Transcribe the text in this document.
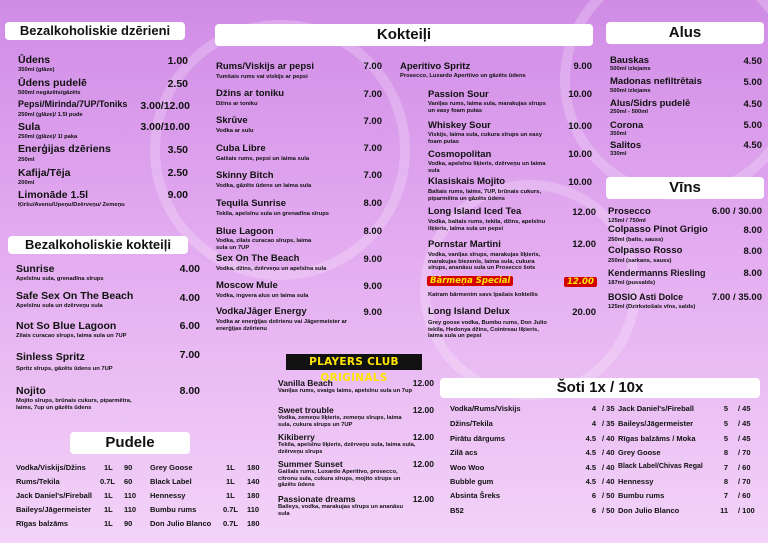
Bezalkoholiskie dzērieni
Bezalkoholiskie kokteiļi
Pudele
Kokteiļi	Alus
Vīns
Šoti 1x / 10x
PLAYERS CLUB ORIGINALS
Ūdens
350ml (glāze)
1.00
Ūdens pudelē
500ml negāzēts/gāzēts
2.50
Pepsi/Mirinda/7UP/Toniks
250ml (glāze)/ 1.5l pude
3.00/12.00
Sula
250ml (glāze)/ 1l paka
3.00/10.00
Enerģijas dzēriens
250ml
3.50
Kafija/Tēja
200ml
2.50
Limonāde 1.5l
Ķiršu/Avenu/Upeņu/Dzērveņu/ Zemeņu
9.00
Sunrise
Apelsīnu sula, grenadīna sīrups
4.00
Safe Sex On The Beach
Apelsīnu sula un dzērveņu sula
4.00
Not So Blue Lagoon
Zilais curacao sīrups, laima sula un 7UP
6.00
Sinless Spritz
Spritz sīrups, gāzēts ūdens un 7UP
7.00
Nojito
Mojito sīrups, brūnais cukurs, piparmētra, laims, 7up un gāzēts ūdens
8.00
Vodka/Viskijs/Džins 1L 90
Rums/Tekila	0.7L 60
Jack Daniel's/Fireball 1L 110
Baileys/Jāgermeister 1L 110
Rīgas balzāms	1L 90
Grey Goose	1L 180
Black Label	1L 140
Hennessy	1L 180
Bumbu rums	0.7L 110
Don Julio Blanco 0.7L 180
Rums/Viskijs ar pepsi
Tumšais rums vai viskijs ar pepsi
7.00
Džins ar toniku
Džins ar toniku
7.00
Skrūve
Vodka ar sulu
7.00
Cuba Libre
Gaišais rums, pepsi un laima sula
7.00
Skinny Bitch
Vodka, gāzēts ūdens un laima sula
7.00
Tequila Sunrise
Tekila, apelsīnu sula un grenadīna sīrups
8.00
Blue Lagoon
Vodka, zilais curacao sīrups, laima sula un 7UP
8.00
Sex On The Beach
Vodka, džins, dzērveņu un apelsīna sula
9.00
Moscow Mule
Vodka, ingvera alus un laima sula
9.00
Vodka/Jāger Energy
Vodka ar enerģijas dzērienu vai Jāgermeister ar enerģijas dzērienu
9.00
Aperitivo Spritz
Prosecco, Luxardo Aperitivo un gāzēts ūdens
9.00
Passion Sour
Vaniļas rums, laima sula, marakujas sīrups un easy foam putas
10.00
Whiskey Sour
Viskijs, laima sula, cukura sīrups un easy foam putas
10.00
Cosmopolitan
Vodka, apelsīnu liķieris, dzērveņu un laima sula
10.00
Klasiskais Mojito
Baltais rums, laims, 7UP, brūnais cukurs, piparmētra un gāzēts ūdens
10.00
Long Island Iced Tea
Vodka, baltais rums, tekila, džins, apelsīnu liķieris, laima sula un pepsi
12.00
Pornstar Martini
Vodka, vaniļas sīrups, marakujas liķieris, marakujas biezenis, laima sula, cukura sīrups, ananāsu sula un Prosecco šots
12.00
Bārmeņa Special
Katram bārmenim savs īpašais kokteilis
12.00
Long Island Delux
Grey goose vodka, Bumbu rums, Don Julio tekila, Hedonya džins, Cointreau liķieris, laima sula un pepsi
20.00
Vanilla Beach
Vaniļas rums, svaigs laims, apelsīnu sula un 7up
12.00
Sweet trouble
Vodka, zemeņu liķieris, zemeņu sīrups, laima sula, cukura sīrups un 7UP
12.00
Kikiberry
Tekila, apelsīnu liķieris, dzērveņu sula, laima sula, dzērveņu sīrups
12.00
Summer Sunset
Gaišais rums, Luxardo Aperitivo, prosecco, citronu sula, cukura sīrups, mojito sīrups un gāzēts ūdens
12.00
Passionate dreams
Baileys, vodka, marakujas sīrups un ananāsu sula
12.00
Bauskas
500ml izlejams
4.50
Madonas nefiltrētais
500ml izlejams
5.00
Alus/Sidrs pudelē
250ml - 500ml
4.50
Corona
350ml
5.00
Salitos
330ml
4.50
Prosecco
125ml / 750ml
6.00 / 30.00
Colpasso Pinot Grigio
250ml (balts, sauss)
8.00
Colpasso Rosso
250ml (sarkans, sauss)
8.00
Kendermanns Riesling
187ml (pussalds)
8.00
BOSIO Asti Dolce
125ml (Dzirkstošais vīns, salds)
7.00 / 35.00
Vodka/Rums/Viskijs	4 / 35
Džins/Tekila	4 / 35
Pirātu dārgums	4.5 / 40
Zilā acs	4.5 / 40
Woo Woo	4.5 / 40
Bubble gum	4.5 / 40
Absinta Šreks	6 / 50
B52	6 / 50
Jack Daniel's/Fireball	5 / 45
Baileys/Jāgermeister	5 / 45
Rīgas balzāms / Moka	5 / 45
Grey Goose	8 / 70
Black Label/Chivas Regal	7 / 60
Hennessy	8 / 70
Bumbu rums	7 / 60
Don Julio Blanco	11 / 100
